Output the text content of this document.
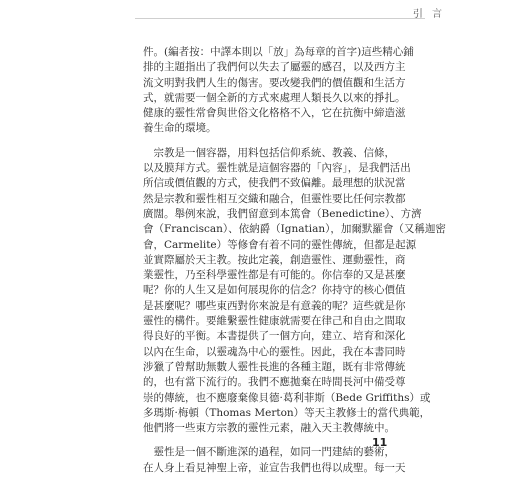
引 言
件。(編者按：中譯本則以「放」為每章的首字)這些精心鋪
排的主題指出了我們何以失去了屬靈的感召，以及西方主
流文明對我們人生的傷害。要改變我們的價值觀和生活方
式，就需要一個全新的方式來處理人類長久以來的掙扎。
健康的靈性常會與世俗文化格格不入，它在抗衡中締造滋
養生命的環境。
　宗教是一個容器，用料包括信仰系統、教義、信條，
以及膜拜方式。靈性就是這個容器的「內容」，是我們活出
所信或價值觀的方式，使我們不致偏離。最理想的狀況當
然是宗教和靈性相互交織和融合，但靈性要比任何宗教都
廣闊。舉例來說，我們留意到本篤會（Benedictine）、方濟
會（Franciscan）、依納爵（Ignatian），加爾默羅會（又稱迦密
會，Carmelite）等修會有着不同的靈性傳統，但都是起源
並實際屬於天主教。按此定義，創造靈性、運動靈性，商
業靈性，乃至科學靈性都是有可能的。你信奉的又是甚麼
呢？你的人生又是如何展現你的信念？你持守的核心價值
是甚麼呢？哪些東西對你來說是有意義的呢？這些就是你
靈性的構件。要維繫靈性健康就需要在律己和自由之間取
得良好的平衡。本書提供了一個方向，建立、培育和深化
以內在生命，以靈魂為中心的靈性。因此，我在本書同時
涉獵了曾幫助無數人靈性長進的各種主題，既有非常傳統
的，也有當下流行的。我們不應拋棄在時間長河中備受尊
崇的傳統，也不應廢棄像貝德·葛利菲斯（Bede Griffiths）或
多瑪斯·梅頓（Thomas Merton）等天主教修士的當代典範，
他們將一些東方宗教的靈性元素，融入天主教傳統中。
　靈性是一個不斷進深的過程，如同一門建結的藝術，
在人身上看見神聖上帝，並宣告我們也得以成聖。每一天
11
